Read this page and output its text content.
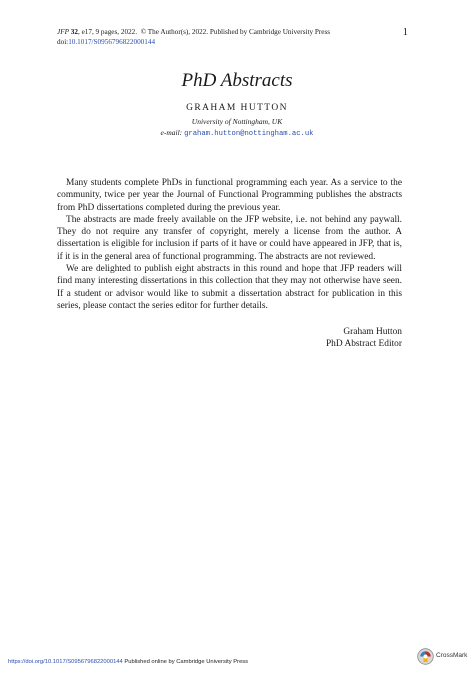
JFP 32, e17, 9 pages, 2022. © The Author(s), 2022. Published by Cambridge University Press
doi:10.1017/S0956796822000144
1
PhD Abstracts
GRAHAM HUTTON
University of Nottingham, UK
e-mail: graham.hutton@nottingham.ac.uk

Many students complete PhDs in functional programming each year. As a service to the community, twice per year the Journal of Functional Programming publishes the abstracts from PhD dissertations completed during the previous year.

The abstracts are made freely available on the JFP website, i.e. not behind any paywall. They do not require any transfer of copyright, merely a license from the author. A dissertation is eligible for inclusion if parts of it have or could have appeared in JFP, that is, if it is in the general area of functional programming. The abstracts are not reviewed.

We are delighted to publish eight abstracts in this round and hope that JFP readers will find many interesting dissertations in this collection that they may not otherwise have seen. If a student or advisor would like to submit a dissertation abstract for publication in this series, please contact the series editor for further details.

Graham Hutton
PhD Abstract Editor
https://doi.org/10.1017/S0956796822000144 Published online by Cambridge University Press
CrossMark
